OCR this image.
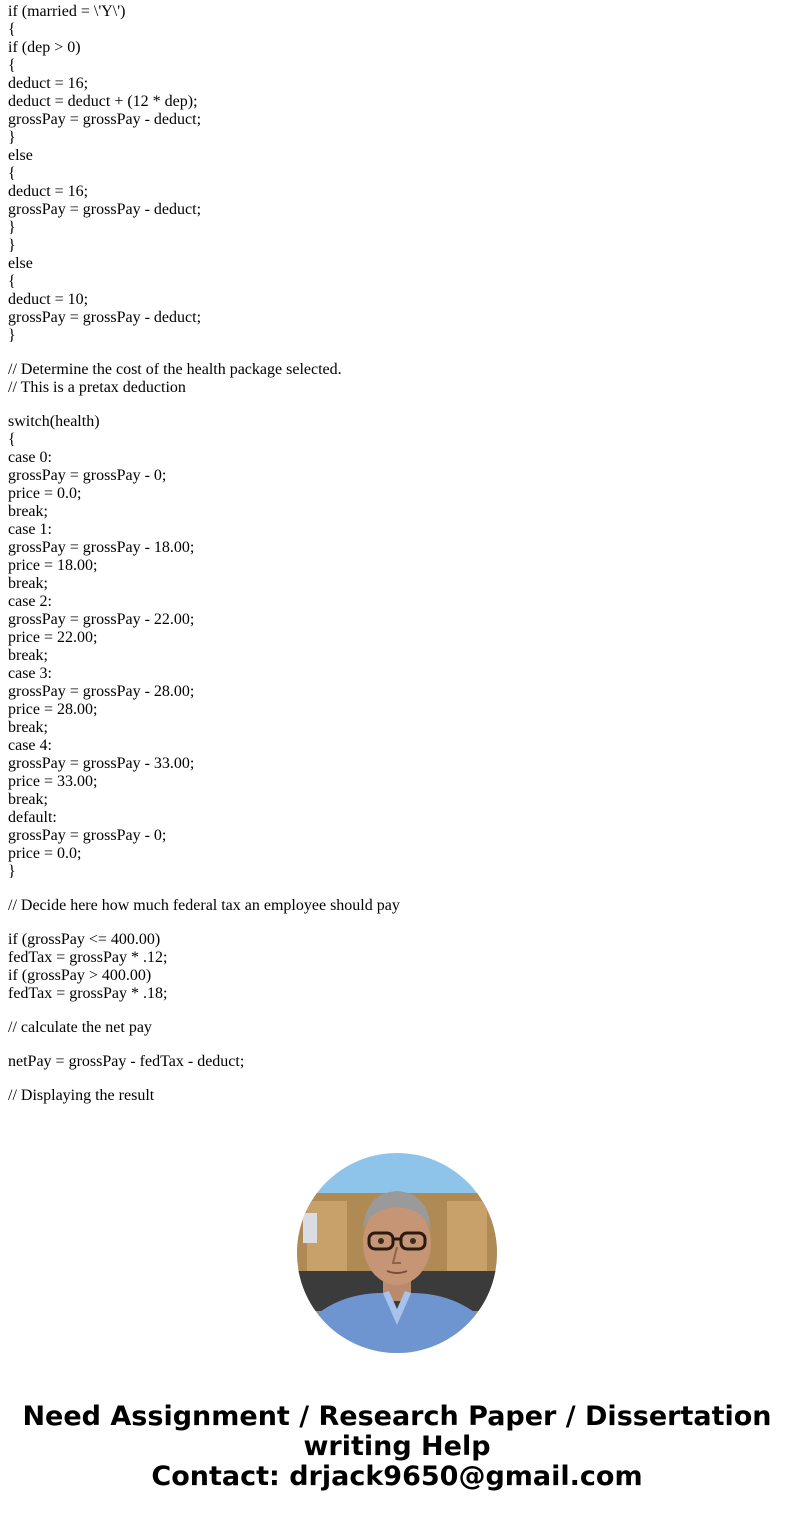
if (married = \'Y\')
{
if (dep > 0)
{
deduct = 16;
deduct = deduct + (12 * dep);
grossPay = grossPay - deduct;
}
else
{
deduct = 16;
grossPay = grossPay - deduct;
}
}
else
{
deduct = 10;
grossPay = grossPay - deduct;
}
// Determine the cost of the health package selected.
// This is a pretax deduction
switch(health)
{
case 0:
grossPay = grossPay - 0;
price = 0.0;
break;
case 1:
grossPay = grossPay - 18.00;
price = 18.00;
break;
case 2:
grossPay = grossPay - 22.00;
price = 22.00;
break;
case 3:
grossPay = grossPay - 28.00;
price = 28.00;
break;
case 4:
grossPay = grossPay - 33.00;
price = 33.00;
break;
default:
grossPay = grossPay - 0;
price = 0.0;
}
// Decide here how much federal tax an employee should pay
if (grossPay <= 400.00)
fedTax = grossPay * .12;
if (grossPay > 400.00)
fedTax = grossPay * .18;
// calculate the net pay
netPay = grossPay - fedTax - deduct;
// Displaying the result
Need Assignment / Research Paper / Dissertation
writing Help
Contact: drjack9650@gmail.com
